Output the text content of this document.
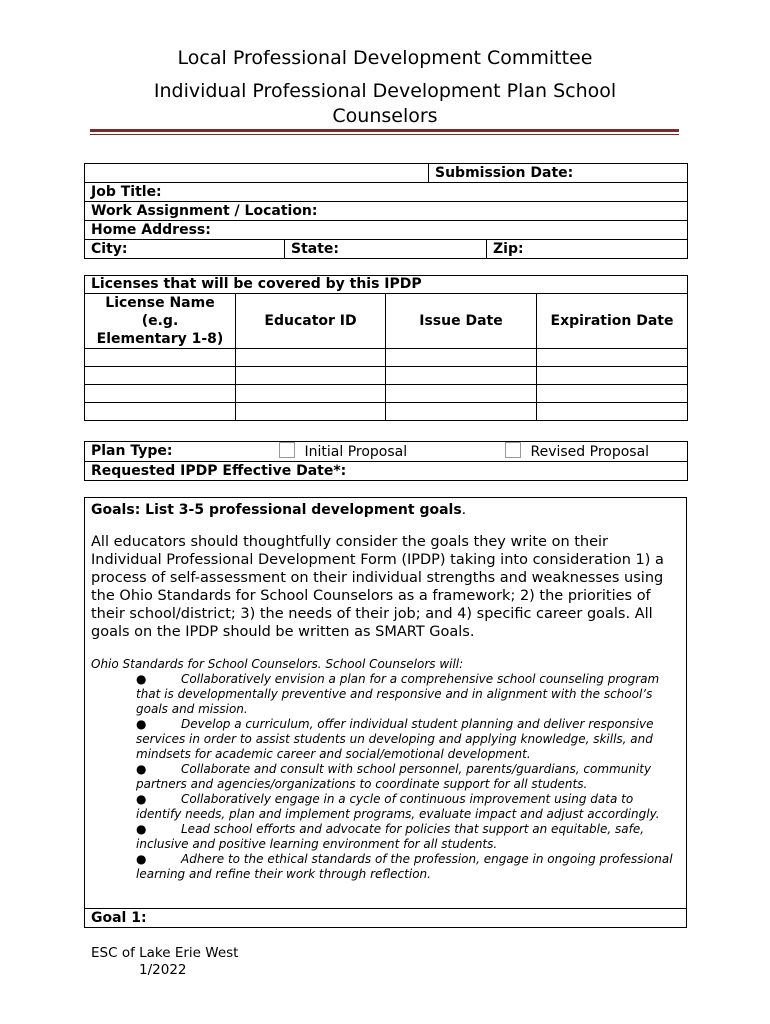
Local Professional Development Committee
Individual Professional Development Plan School
Counselors
		Submission Date:	
Job Title:			
Work Assignment / Location:			
Home Address:			
City:	State:		Zip:
Licenses that will be covered by this IPDP			

License Name
(e.g.
Elementary 1-8)	Educator ID	Issue Date	Expiration Date

Plan Type:	Initial Proposal	Revised Proposal
Requested IPDP Effective Date*:
Goals: List 3-5 professional development goals.
All educators should thoughtfully consider the goals they write on their Individual Professional Development Form (IPDP) taking into consideration 1) a process of self-assessment on their individual strengths and weaknesses using the Ohio Standards for School Counselors as a framework; 2) the priorities of their school/district; 3) the needs of their job; and 4) specific career goals. All goals on the IPDP should be written as SMART Goals.
Ohio Standards for School Counselors. School Counselors will:
●	Collaboratively envision a plan for a comprehensive school counseling program that is developmentally preventive and responsive and in alignment with the school’s goals and mission.
●	Develop a curriculum, offer individual student planning and deliver responsive services in order to assist students un developing and applying knowledge, skills, and mindsets for academic career and social/emotional development.
●	Collaborate and consult with school personnel, parents/guardians, community partners and agencies/organizations to coordinate support for all students.
●	Collaboratively engage in a cycle of continuous improvement using data to identify needs, plan and implement programs, evaluate impact and adjust accordingly.
●	Lead school efforts and advocate for policies that support an equitable, safe, inclusive and positive learning environment for all students.
●	Adhere to the ethical standards of the profession, engage in ongoing professional learning and refine their work through reflection.

Goal 1:
ESC of Lake Erie West
1/2022
